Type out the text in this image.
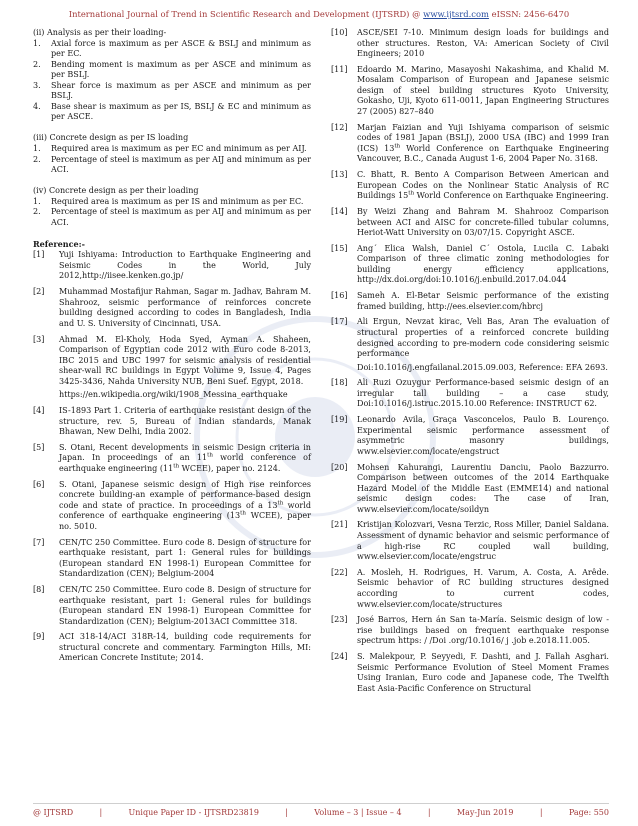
International Journal of Trend in Scientific Research and Development (IJTSRD) @ www.ijtsrd.com eISSN: 2456-6470

(ii) Analysis as per their loading-

1.	Axial force is maximum as per ASCE & BSLJ and minimum as per EC.
2.	Bending moment is maximum as per ASCE and minimum as per BSLJ.
3.	Shear force is maximum as per ASCE and minimum as per BSLJ.
4.	Base shear is maximum as per IS, BSLJ & EC and minimum as per ASCE.

(iii) Concrete design as per IS loading

1.	Required area is maximum as per EC and minimum as per AIJ.
2.	Percentage of steel is maximum as per AIJ and minimum as per ACI.

(iv) Concrete design as per their loading

1.	Required area is maximum as per IS and minimum as per EC.
2.	Percentage of steel is maximum as per AIJ and minimum as per ACI.

Reference:-

[1]	Yuji Ishiyama: Introduction to Earthquake Engineering and Seismic Codes in the World, July 2012,http://iisee.kenken.go.jp/
[2]	Muhammad Mostafijur Rahman, Sagar m. Jadhav, Bahram M. Shahrooz, seismic performance of reinforces concrete building designed according to codes in Bangladesh, India and U. S. University of Cincinnati, USA.
[3]	Ahmad M. El-Kholy, Hoda Syed, Ayman A. Shaheen, Comparison of Egyptian code 2012 with Euro code 8-2013, IBC 2015 and UBC 1997 for seismic analysis of residential shear-wall RC buildings in Egypt Volume 9, Issue 4, Pages 3425-3436, Nahda University NUB, Beni Suef. Egypt, 2018.
https://en.wikipedia.org/wiki/1908_Messina_earthquake
[4]	IS-1893 Part 1. Criteria of earthquake resistant design of the structure, rev. 5, Bureau of Indian standards, Manak Bhawan, New Delhi, India 2002.
[5]	S. Otani, Recent developments in seismic Design criteria in Japan. In proceedings of an 11th world conference of earthquake engineering (11th WCEE), paper no. 2124.
[6]	S. Otani, Japanese seismic design of High rise reinforces concrete building-an example of performance-based design code and state of practice. In proceedings of a 13th world conference of earthquake engineering (13th WCEE), paper no. 5010.
[7]	CEN/TC 250 Committee. Euro code 8. Design of structure for earthquake resistant, part 1: General rules for buildings (European standard EN 1998-1) European Committee for Standardization (CEN); Belgium-2004
[8]	CEN/TC 250 Committee. Euro code 8. Design of structure for earthquake resistant, part 1: General rules for buildings (European standard EN 1998-1) European Committee for Standardization (CEN); Belgium-2013ACI Committee 318.
[9]	ACI 318-14/ACI 318R-14, building code requirements for structural concrete and commentary. Farmington Hills, MI: American Concrete Institute; 2014.
[10]	ASCE/SEI 7-10. Minimum design loads for buildings and other structures. Reston, VA: American Society of Civil Engineers; 2010
[11]	Edoardo M. Marino, Masayoshi Nakashima, and Khalid M. Mosalam Comparison of European and Japanese seismic design of steel building structures Kyoto University, Gokasho, Uji, Kyoto 611-0011, Japan Engineering Structures 27 (2005) 827–840
[12]	Marjan Faizian and Yuji Ishiyama comparison of seismic codes of 1981 Japan (BSLJ), 2000 USA (IBC) and 1999 Iran (ICS) 13th World Conference on Earthquake Engineering Vancouver, B.C., Canada August 1-6, 2004 Paper No. 3168.
[13]	C. Bhatt, R. Bento A Comparison Between American and European Codes on the Nonlinear Static Analysis of RC Buildings 15th World Conference on Earthquake Engineering.
[14]	By Weizi Zhang and Bahram M. Shahrooz Comparison between ACI and AISC for concrete-filled tubular columns, Heriot-Watt University on 03/07/15. Copyright ASCE.
[15]	Ang´ Elica Walsh, Daniel C´ Ostola, Lucila C. Labaki Comparison of three climatic zoning methodologies for building energy efficiency applications, http://dx.doi.org/doi:10.1016/j.enbuild.2017.04.044
[16]	Sameh A. El-Betar Seismic performance of the existing framed building, http://ees.elsevier.com/hbrcj
[17]	Ali Ergun, Nevzat kirac, Veli Bas, Aran The evaluation of structural properties of a reinforced concrete building designed according to pre-modern code considering seismic performance
Doi:10.1016/j.engfailanal.2015.09.003, Reference: EFA 2693.
[18]	Ali Ruzi Ozuygur Performance-based seismic design of an irregular tall building – a case study, Doi:10.1016/j.istruc.2015.10.00 Reference: INSTRUCT 62.
[19]	Leonardo Avila, Graça Vasconcelos, Paulo B. Lourenço. Experimental seismic performance assessment of asymmetric masonry buildings, www.elsevier.com/locate/engstruct
[20]	Mohsen Kahurangi, Laurentiu Danciu, Paolo Bazzurro. Comparison between outcomes of the 2014 Earthquake Hazard Model of the Middle East (EMME14) and national seismic design codes: The case of Iran, www.elsevier.com/locate/soildyn
[21]	Kristijan Kolozvari, Vesna Terzic, Ross Miller, Daniel Saldana. Assessment of dynamic behavior and seismic performance of a high-rise RC coupled wall building, www.elsevier.com/locate/engstruc
[22]	A. Mosleh, H. Rodrigues, H. Varum, A. Costa, A. Arêde. Seismic behavior of RC building structures designed according to current codes, www.elsevier.com/locate/structures
[23]	José Barros, Hern án San ta-María. Seismic design of low -rise buildings based on frequent earthquake response spectrum https: / /Doi .org/10.1016/ j .job e.2018.11.005.
[24]	S. Malekpour, P. Seyyedi, F. Dashti, and J. Fallah Asghari. Seismic Performance Evolution of Steel Moment Frames Using Iranian, Euro code and Japanese code, The Twelfth East Asia-Pacific Conference on Structural
@ IJTSRD	|	Unique Paper ID - IJTSRD23819	|	Volume – 3 | Issue – 4	|	May-Jun 2019	|	Page: 550
